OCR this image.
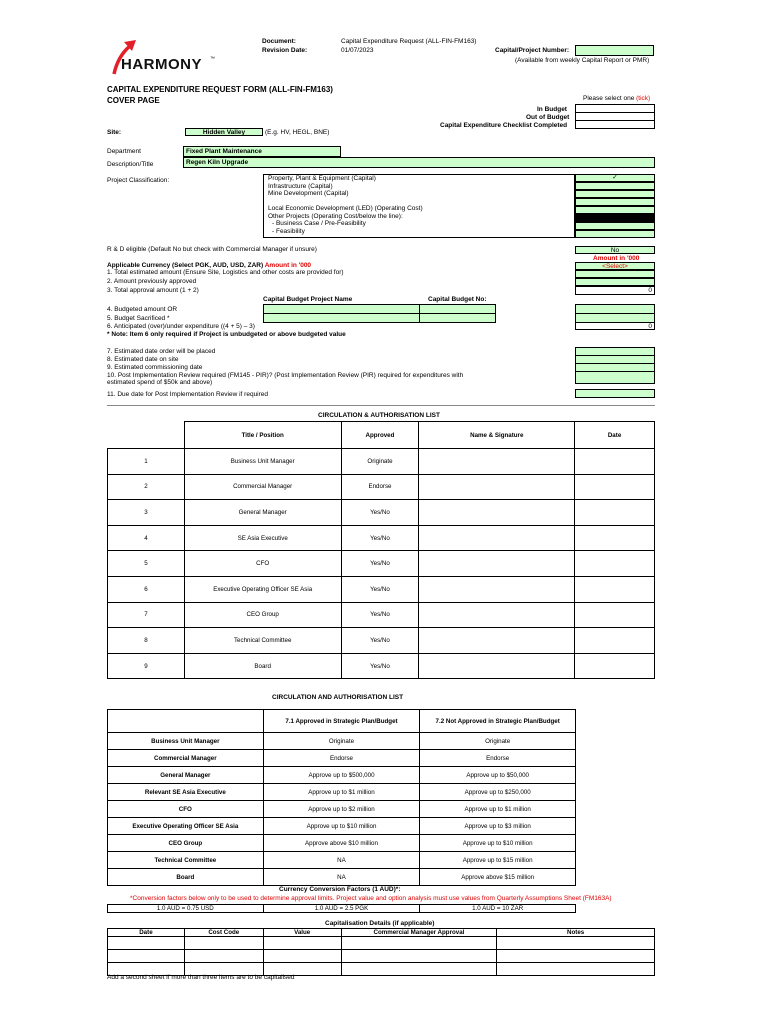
HARMONY ™
Document:	Capital Expenditure Request (ALL-FIN-FM163)
Revision Date:	01/07/2023	Capital/Project Number:
(Available from weekly Capital Report or PMR)
CAPITAL EXPENDITURE REQUEST FORM (ALL-FIN-FM163)
COVER PAGE	Please select one (tick)
In Budget
Out of Budget
Capital Expenditure Checklist Completed
Site:	Hidden Valley	(E.g. HV, HEGL, BNE)
Department	Fixed Plant Maintenance
Description/Title	Regen Kiln Upgrade
Project Classification:	Property, Plant & Equipment (Capital)
Infrastructure (Capital)
Mine Development (Capital)
Local Economic Development (LED) (Operating Cost)
Other Projects (Operating Cost/below the line):
- Business Case / Pre-Feasibility
- Feasibility
✓
R & D eligible (Default No but check with Commercial Manager if unsure)	No
Amount in '000
Applicable Currency (Select PGK, AUD, USD, ZAR) Amount in '000	<Select>
1. Total estimated amount (Ensure Site, Logistics and other costs are provided for)
2. Amount previously approved
3. Total approval amount (1 + 2)	0
Capital Budget Project Name	Capital Budget No:
4. Budgeted amount OR
5. Budget Sacrificed *
6. Anticipated (over)/under expenditure ((4 + 5) – 3)	0
* Note: Item 6 only required if Project is unbudgeted or above budgeted value
7. Estimated date order will be placed
8. Estimated date on site
9. Estimated commissioning date
10. Post Implementation Review required (FM145 - PIR)? (Post Implementation Review (PIR) required for expenditures with
estimated spend of $50k and above)
11. Due date for Post Implementation Review if required
CIRCULATION & AUTHORISATION LIST
	Title / Position	Approved	Name & Signature	Date
1	Business Unit Manager	Originate		
2	Commercial Manager	Endorse		
3	General Manager	Yes/No		
4	SE Asia Executive	Yes/No		
5	CFO	Yes/No		
6	Executive Operating Officer SE Asia	Yes/No		
7	CEO Group	Yes/No		
8	Technical Committee	Yes/No		
9	Board	Yes/No		
CIRCULATION AND AUTHORISATION LIST
	7.1 Approved in Strategic Plan/Budget	7.2 Not Approved in Strategic Plan/Budget
Business Unit Manager	Originate	Originate
Commercial Manager	Endorse	Endorse
General Manager	Approve up to $500,000	Approve up to $50,000
Relevant SE Asia Executive	Approve up to $1 million	Approve up to $250,000
CFO	Approve up to $2 million	Approve up to $1 million
Executive Operating Officer SE Asia	Approve up to $10 million	Approve up to $3 million
CEO Group	Approve above $10 million	Approve up to $10 million
Technical Committee	NA	Approve up to $15 million
Board	NA	Approve above $15 million
Currency Conversion Factors (1 AUD)*:
*Conversion factors below only to be used to determine approval limits. Project value and option analysis must use values from Quarterly Assumptions Sheet (FM163A)
1.0 AUD = 0.75 USD	1.0 AUD = 2.5 PGK	1.0 AUD = 10 ZAR
Capitalisation Details (if applicable)
Date	Cost Code	Value	Commercial Manager Approval	Notes

Add a second sheet if more than three items are to be capitalised
